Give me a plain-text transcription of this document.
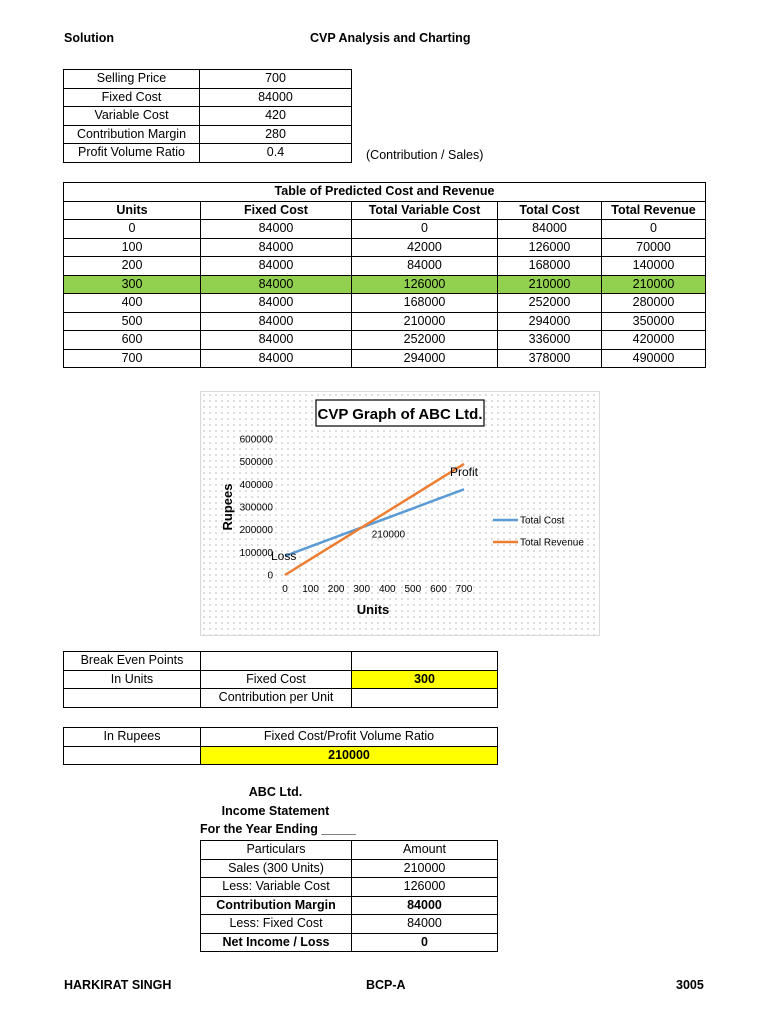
Solution	CVP Analysis and Charting
Selling Price	700
Fixed Cost	84000
Variable Cost	420
Contribution Margin	280
Profit Volume Ratio	0.4	(Contribution / Sales)
Table of Predicted Cost and Revenue				
Units	Fixed Cost	Total Variable Cost	Total Cost	Total Revenue
0	84000	0	84000	0
100	84000	42000	126000	70000
200	84000	84000	168000	140000
300	84000	126000	210000	210000
400	84000	168000	252000	280000
500	84000	210000	294000	350000
600	84000	252000	336000	420000
700	84000	294000	378000	490000
CVP Graph of ABC Ltd.
0
100000
200000
300000
400000
500000
600000
0 100 200 300 400 500 600 700
Units
Rupees
Profit
210000
Loss
Total Cost
Total Revenue
Break Even Points		
In Units	Fixed Cost	300
	Contribution per Unit	
In Rupees	Fixed Cost/Profit Volume Ratio
	210000
ABC Ltd.
Income Statement
For the Year Ending _____
Particulars	Amount
Sales (300 Units)	210000
Less: Variable Cost	126000
Contribution Margin	84000
Less: Fixed Cost	84000
Net Income / Loss	0
HARKIRAT SINGH	BCP-A	3005
